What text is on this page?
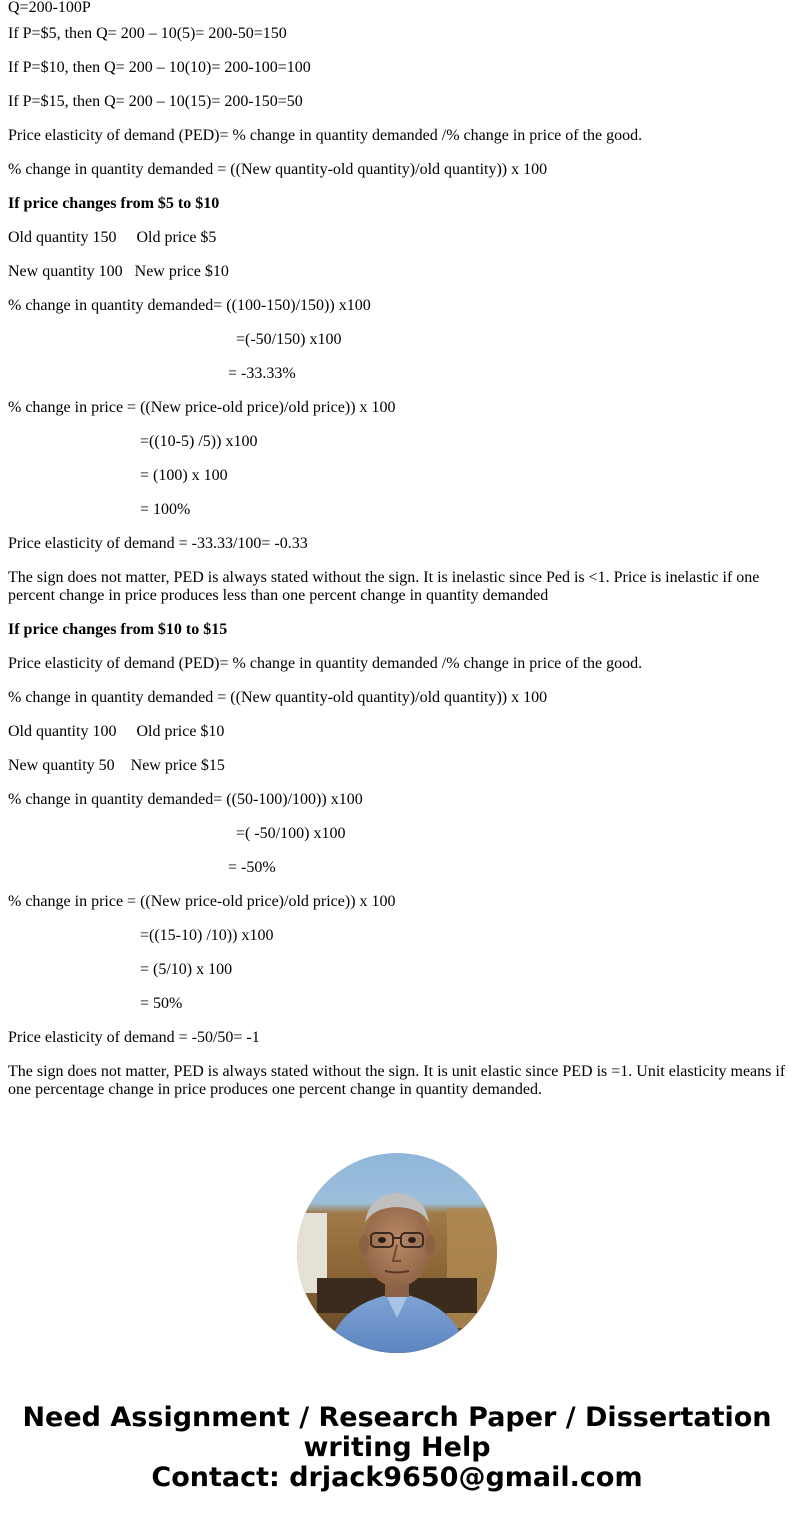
Q=200-100P

If P=$5, then Q= 200 – 10(5)= 200-50=150

If P=$10, then Q= 200 – 10(10)= 200-100=100

If P=$15, then Q= 200 – 10(15)= 200-150=50

Price elasticity of demand (PED)= % change in quantity demanded /% change in price of the good.

% change in quantity demanded = ((New quantity-old quantity)/old quantity)) x 100

If price changes from $5 to $10

Old quantity 150     Old price $5

New quantity 100   New price $10

% change in quantity demanded= ((100-150)/150)) x100

=(-50/150) x100

= -33.33%

% change in price = ((New price-old price)/old price)) x 100

=((10-5) /5)) x100

= (100) x 100

= 100%

Price elasticity of demand = -33.33/100= -0.33

The sign does not matter, PED is always stated without the sign. It is inelastic since Ped is <1. Price is inelastic if one percent change in price produces less than one percent change in quantity demanded

If price changes from $10 to $15

Price elasticity of demand (PED)= % change in quantity demanded /% change in price of the good.

% change in quantity demanded = ((New quantity-old quantity)/old quantity)) x 100

Old quantity 100     Old price $10

New quantity 50    New price $15

% change in quantity demanded= ((50-100)/100)) x100

=( -50/100) x100

= -50%

% change in price = ((New price-old price)/old price)) x 100

=((15-10) /10)) x100

= (5/10) x 100

= 50%

Price elasticity of demand = -50/50= -1

The sign does not matter, PED is always stated without the sign. It is unit elastic since PED is =1. Unit elasticity means if one percentage change in price produces one percent change in quantity demanded.

Need Assignment / Research Paper / Dissertation

writing Help

Contact: drjack9650@gmail.com
